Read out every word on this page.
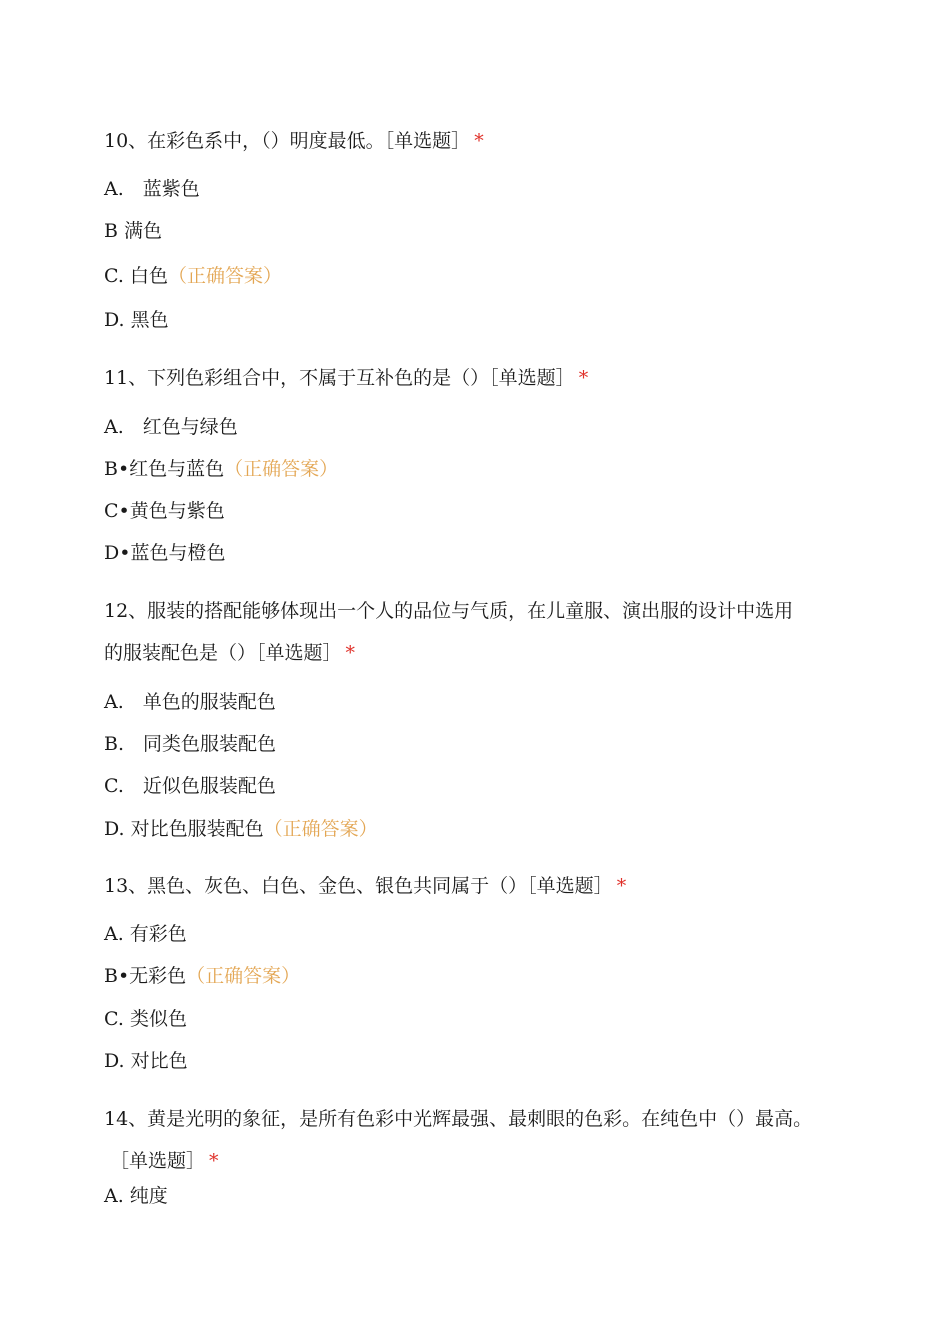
10、在彩色系中，（）明度最低。［单选题］ *
A.　蓝紫色
B 满色
C. 白色（正确答案）
D. 黑色
11、下列色彩组合中，不属于互补色的是（）［单选题］ *
A.　红色与绿色
B•红色与蓝色（正确答案）
C•黄色与紫色
D•蓝色与橙色
12、服装的搭配能够体现出一个人的品位与气质，在儿童服、演出服的设计中选用
的服装配色是（）［单选题］ *
A.　单色的服装配色
B.　同类色服装配色
C.　近似色服装配色
D. 对比色服装配色（正确答案）
13、黑色、灰色、白色、金色、银色共同属于（）［单选题］ *
A. 有彩色
B•无彩色（正确答案）
C. 类似色
D. 对比色
14、黄是光明的象征，是所有色彩中光辉最强、最刺眼的色彩。在纯色中（）最高。
［单选题］ *
A. 纯度
